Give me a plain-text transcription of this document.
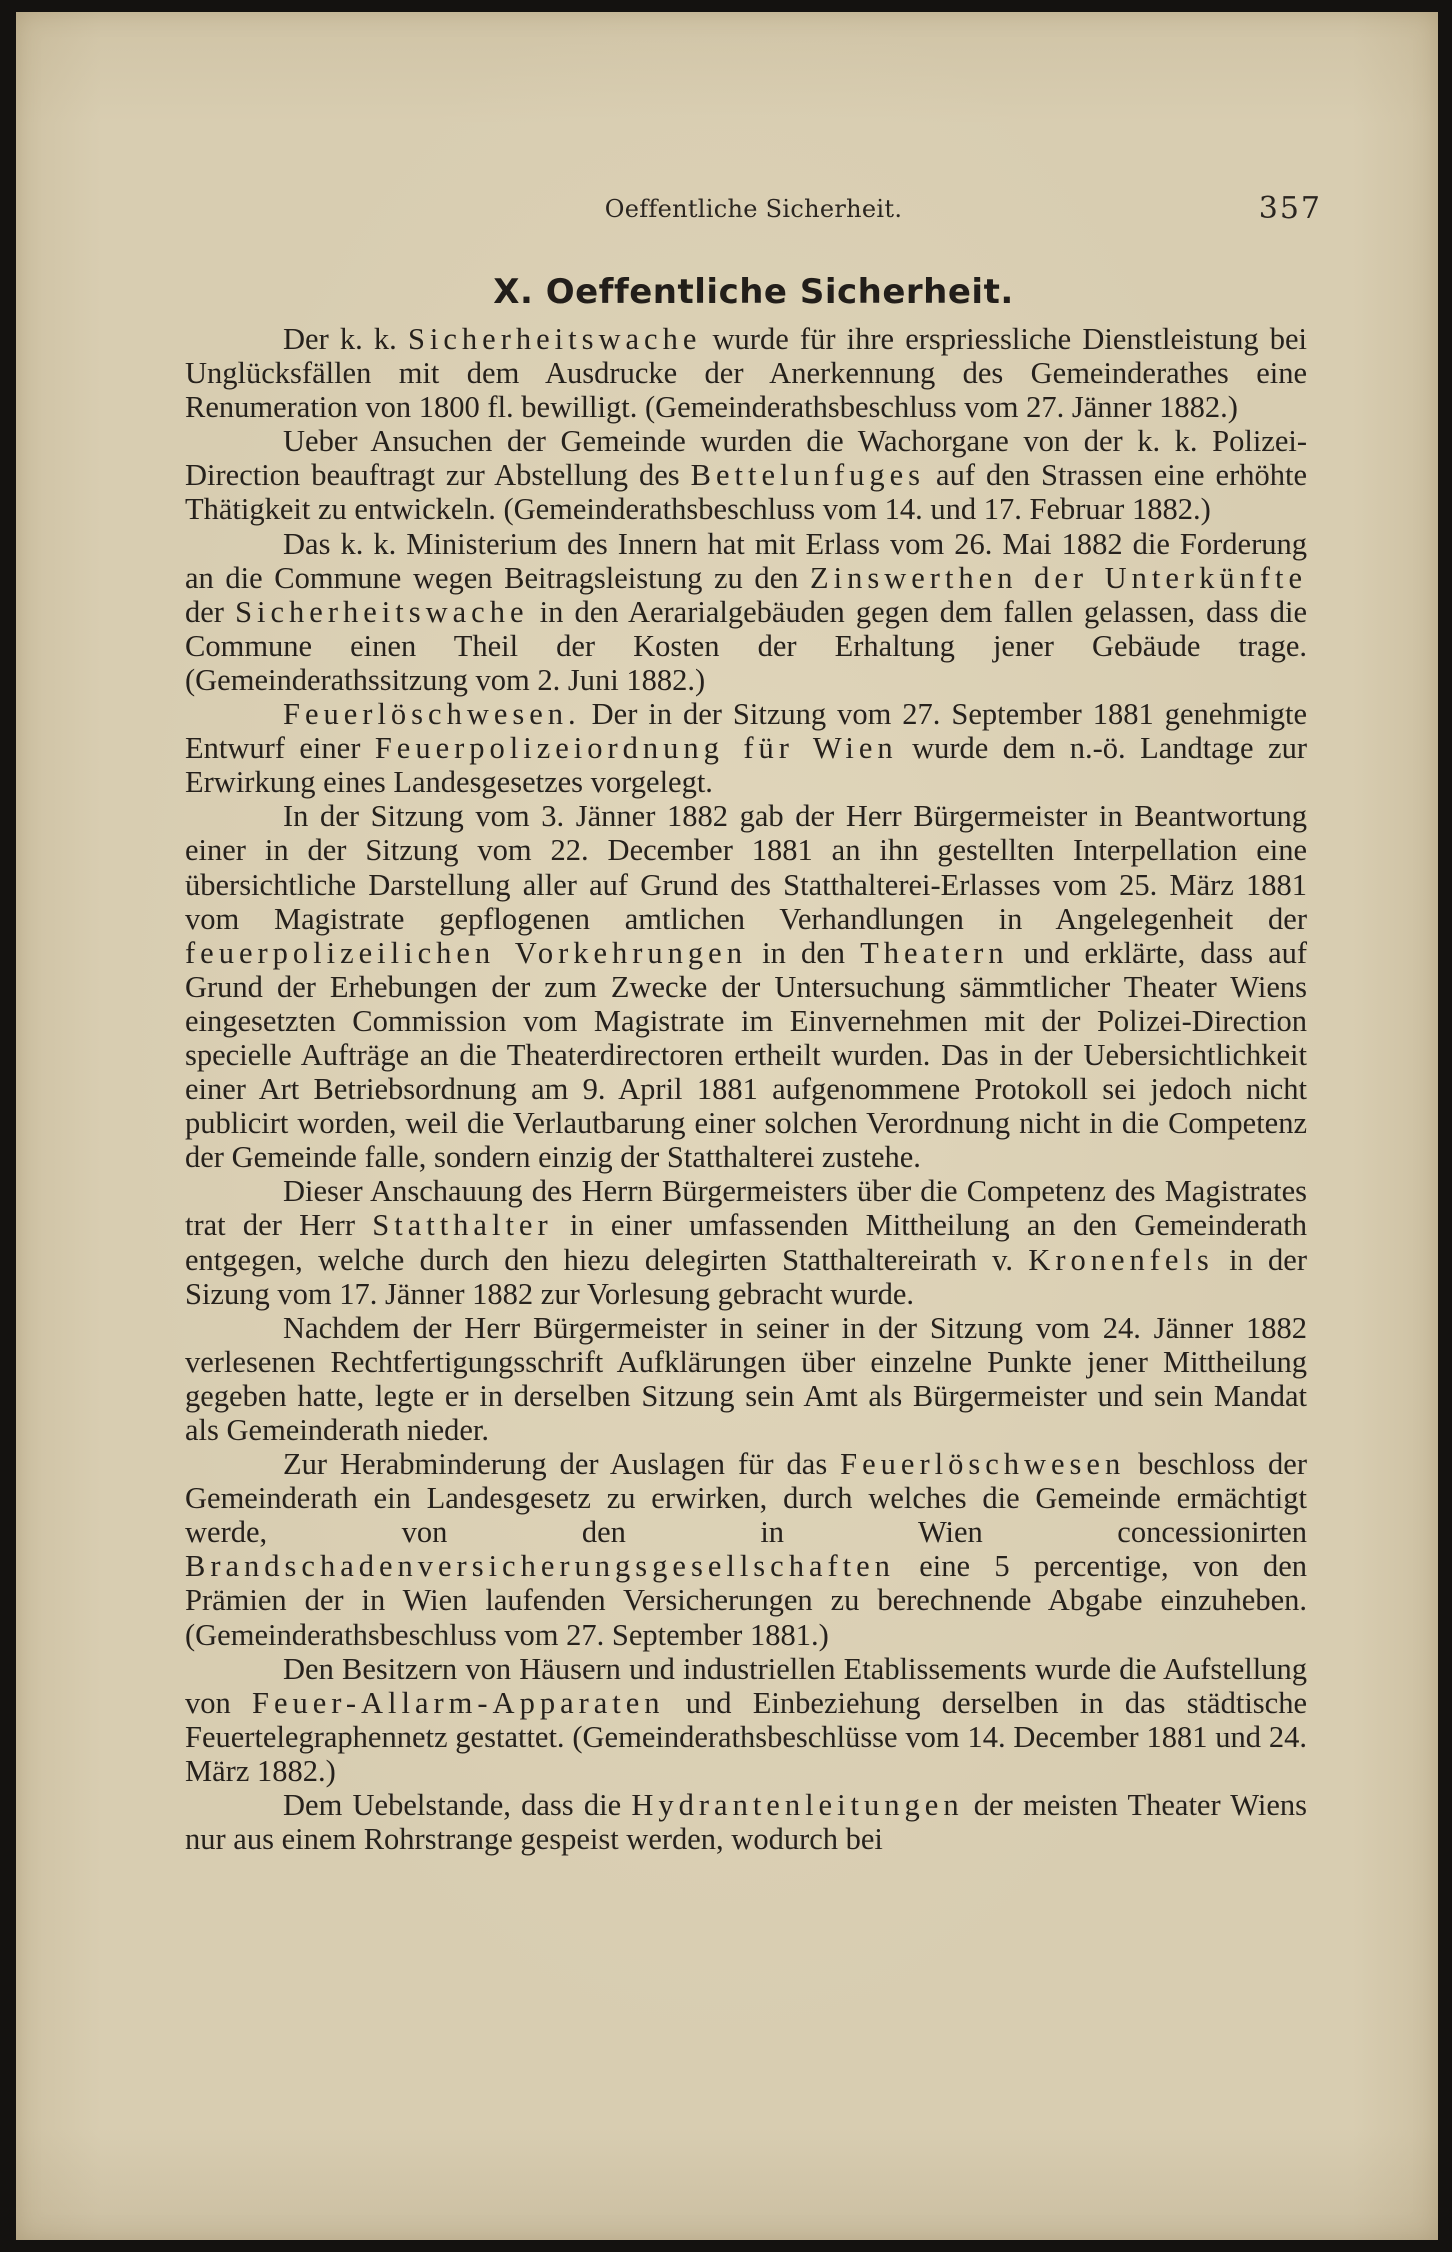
Oeffentliche Sicherheit.	357
X. Oeffentliche Sicherheit.

Der k. k. Sicherheitswache wurde für ihre erspriessliche Dienstleistung bei Unglücksfällen mit dem Ausdrucke der Anerkennung des Gemeinderathes eine Renumeration von 1800 fl. bewilligt. (Gemeinderathsbeschluss vom 27. Jänner 1882.)

Ueber Ansuchen der Gemeinde wurden die Wachorgane von der k. k. Polizei-Direction beauftragt zur Abstellung des Bettelunfuges auf den Strassen eine erhöhte Thätigkeit zu entwickeln. (Gemeinderathsbeschluss vom 14. und 17. Februar 1882.)

Das k. k. Ministerium des Innern hat mit Erlass vom 26. Mai 1882 die Forderung an die Commune wegen Beitragsleistung zu den Zinswerthen der Unterkünfte der Sicherheitswache in den Aerarialgebäuden gegen dem fallen gelassen, dass die Commune einen Theil der Kosten der Erhaltung jener Gebäude trage. (Gemeinderathssitzung vom 2. Juni 1882.)

Feuerlöschwesen. Der in der Sitzung vom 27. September 1881 genehmigte Entwurf einer Feuerpolizeiordnung für Wien wurde dem n.-ö. Landtage zur Erwirkung eines Landesgesetzes vorgelegt.

In der Sitzung vom 3. Jänner 1882 gab der Herr Bürgermeister in Beantwortung einer in der Sitzung vom 22. December 1881 an ihn gestellten Interpellation eine übersichtliche Darstellung aller auf Grund des Statthalterei-Erlasses vom 25. März 1881 vom Magistrate gepflogenen amtlichen Verhandlungen in Angelegenheit der feuerpolizeilichen Vorkehrungen in den Theatern und erklärte, dass auf Grund der Erhebungen der zum Zwecke der Untersuchung sämmtlicher Theater Wiens eingesetzten Commission vom Magistrate im Einvernehmen mit der Polizei-Direction specielle Aufträge an die Theaterdirectoren ertheilt wurden. Das in der Uebersichtlichkeit einer Art Betriebsordnung am 9. April 1881 aufgenommene Protokoll sei jedoch nicht publicirt worden, weil die Verlautbarung einer solchen Verordnung nicht in die Competenz der Gemeinde falle, sondern einzig der Statthalterei zustehe.

Dieser Anschauung des Herrn Bürgermeisters über die Competenz des Magistrates trat der Herr Statthalter in einer umfassenden Mittheilung an den Gemeinderath entgegen, welche durch den hiezu delegirten Statthaltereirath v. Kronenfels in der Sizung vom 17. Jänner 1882 zur Vorlesung gebracht wurde.

Nachdem der Herr Bürgermeister in seiner in der Sitzung vom 24. Jänner 1882 verlesenen Rechtfertigungsschrift Aufklärungen über einzelne Punkte jener Mittheilung gegeben hatte, legte er in derselben Sitzung sein Amt als Bürgermeister und sein Mandat als Gemeinderath nieder.

Zur Herabminderung der Auslagen für das Feuerlöschwesen beschloss der Gemeinderath ein Landesgesetz zu erwirken, durch welches die Gemeinde ermächtigt werde, von den in Wien concessionirten Brandschadenversicherungsgesellschaften eine 5 percentige, von den Prämien der in Wien laufenden Versicherungen zu berechnende Abgabe einzuheben. (Gemeinderathsbeschluss vom 27. September 1881.)

Den Besitzern von Häusern und industriellen Etablissements wurde die Aufstellung von Feuer-Allarm-Apparaten und Einbeziehung derselben in das städtische Feuertelegraphennetz gestattet. (Gemeinderathsbeschlüsse vom 14. December 1881 und 24. März 1882.)

Dem Uebelstande, dass die Hydrantenleitungen der meisten Theater Wiens nur aus einem Rohrstrange gespeist werden, wodurch bei
